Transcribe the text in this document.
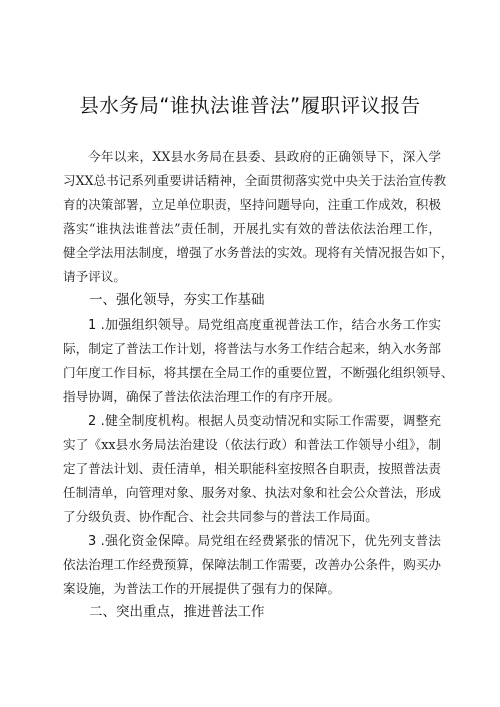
县水务局“谁执法谁普法”履职评议报告
今年以来，XX县水务局在县委、县政府的正确领导下，深入学
习XX总书记系列重要讲话精神，全面贯彻落实党中央关于法治宣传教
育的决策部署，立足单位职责，坚持问题导向，注重工作成效，积极
落实“谁执法谁普法”责任制，开展扎实有效的普法依法治理工作，
健全学法用法制度，增强了水务普法的实效。现将有关情况报告如下，
请予评议。
一、强化领导，夯实工作基础
1 .加强组织领导。局党组高度重视普法工作，结合水务工作实
际，制定了普法工作计划，将普法与水务工作结合起来，纳入水务部
门年度工作目标，将其摆在全局工作的重要位置，不断强化组织领导、
指导协调，确保了普法依法治理工作的有序开展。
2 .健全制度机构。根据人员变动情况和实际工作需要，调整充
实了《xx县水务局法治建设（依法行政）和普法工作领导小组》，制
定了普法计划、责任清单，相关职能科室按照各自职责，按照普法责
任制清单，向管理对象、服务对象、执法对象和社会公众普法，形成
了分级负责、协作配合、社会共同参与的普法工作局面。
3 .强化资金保障。局党组在经费紧张的情况下，优先列支普法
依法治理工作经费预算，保障法制工作需要，改善办公条件，购买办
案设施，为普法工作的开展提供了强有力的保障。
二、突出重点，推进普法工作
